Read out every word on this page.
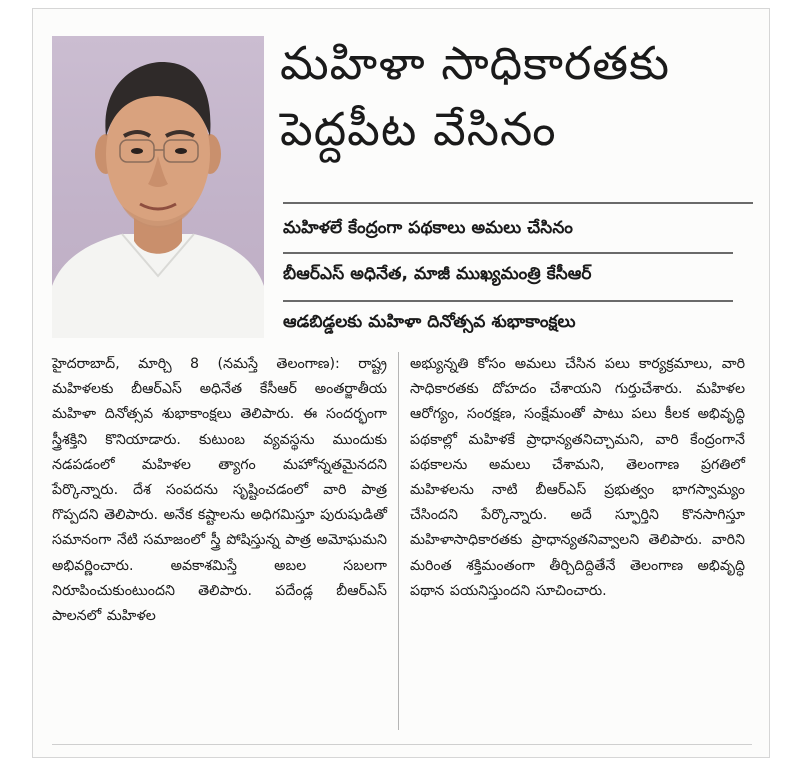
మహిళా సాధికారతకు
పెద్దపీట వేసినం
మహిళలే కేంద్రంగా పథకాలు అమలు చేసినం
బీఆర్ఎస్ అధినేత, మాజీ ముఖ్యమంత్రి కేసీఆర్
ఆడబిడ్డలకు మహిళా దినోత్సవ శుభాకాంక్షలు

హైదరాబాద్, మార్చి 8 (నమస్తే తెలంగాణ): రాష్ట్ర మహిళలకు బీఆర్ఎస్ అధినేత కేసీఆర్ అంతర్జాతీయ మహిళా దినోత్సవ శుభాకాంక్షలు తెలిపారు. ఈ సందర్భంగా స్త్రీశక్తిని కొనియాడారు. కుటుంబ వ్యవస్థను ముందుకు నడపడంలో మహిళల త్యాగం మహోన్నతమైనదని పేర్కొన్నారు. దేశ సంపదను సృష్టించడంలో వారి పాత్ర గొప్పదని తెలిపారు. అనేక కష్టాలను అధిగమిస్తూ పురుషుడితో సమానంగా నేటి సమాజంలో స్త్రీ పోషిస్తున్న పాత్ర అమోఘమని అభివర్ణించారు. అవకాశమిస్తే అబల సబలగా నిరూపించుకుంటుందని తెలిపారు. పదేండ్ల బీఆర్ఎస్ పాలనలో మహిళల

అభ్యున్నతి కోసం అమలు చేసిన పలు కార్యక్రమాలు, వారి సాధికారతకు దోహదం చేశాయని గుర్తుచేశారు. మహిళల ఆరోగ్యం, సంరక్షణ, సంక్షేమంతో పాటు పలు కీలక అభివృద్ధి పథకాల్లో మహిళకే ప్రాధాన్యతనిచ్చామని, వారి కేంద్రంగానే పథకాలను అమలు చేశామని, తెలంగాణ ప్రగతిలో మహిళలను నాటి బీఆర్ఎస్ ప్రభుత్వం భాగస్వామ్యం చేసిందని పేర్కొన్నారు. అదే స్ఫూర్తిని కొనసాగిస్తూ మహిళాసాధికారతకు ప్రాధాన్యతనివ్వాలని తెలిపారు. వారిని మరింత శక్తిమంతంగా తీర్చిదిద్దితేనే తెలంగాణ అభివృద్ధి పథాన పయనిస్తుందని సూచించారు.
